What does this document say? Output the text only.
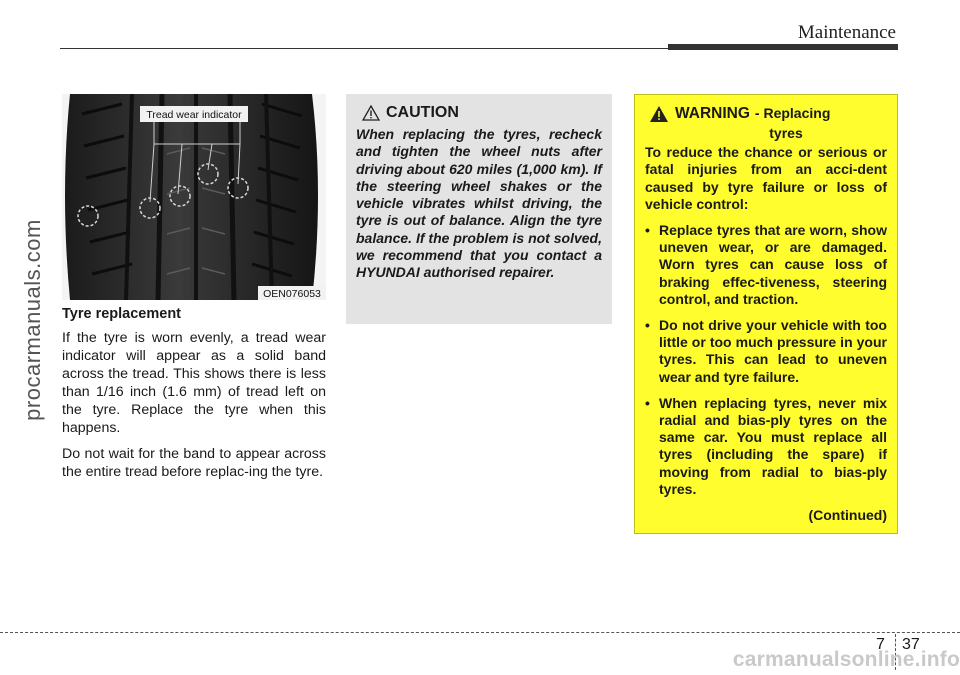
Maintenance
procarmanuals.com
Tread wear indicator
OEN076053
Tyre replacement

If the tyre is worn evenly, a tread wear indicator will appear as a solid band across the tread. This shows there is less than 1/16 inch (1.6 mm) of tread left on the tyre. Replace the tyre when this happens.

Do not wait for the band to appear across the entire tread before replac-ing the tyre.

CAUTION

When replacing the tyres, recheck and tighten the wheel nuts after driving about 620 miles (1,000 km). If the steering wheel shakes or the vehicle vibrates whilst driving, the tyre is out of balance. Align the tyre balance. If the problem is not solved, we recommend that you contact a HYUNDAI authorised repairer.

WARNING - Replacing
tyres
To reduce the chance or serious or fatal injuries from an acci-dent caused by tyre failure or loss of vehicle control:
• Replace tyres that are worn, show uneven wear, or are damaged. Worn tyres can cause loss of braking effec-tiveness, steering control, and traction.
• Do not drive your vehicle with too little or too much pressure in your tyres. This can lead to uneven wear and tyre failure.
• When replacing tyres, never mix radial and bias-ply tyres on the same car. You must replace all tyres (including the spare) if moving from radial to bias-ply tyres.
(Continued)
7 37
carmanualsonline.info
